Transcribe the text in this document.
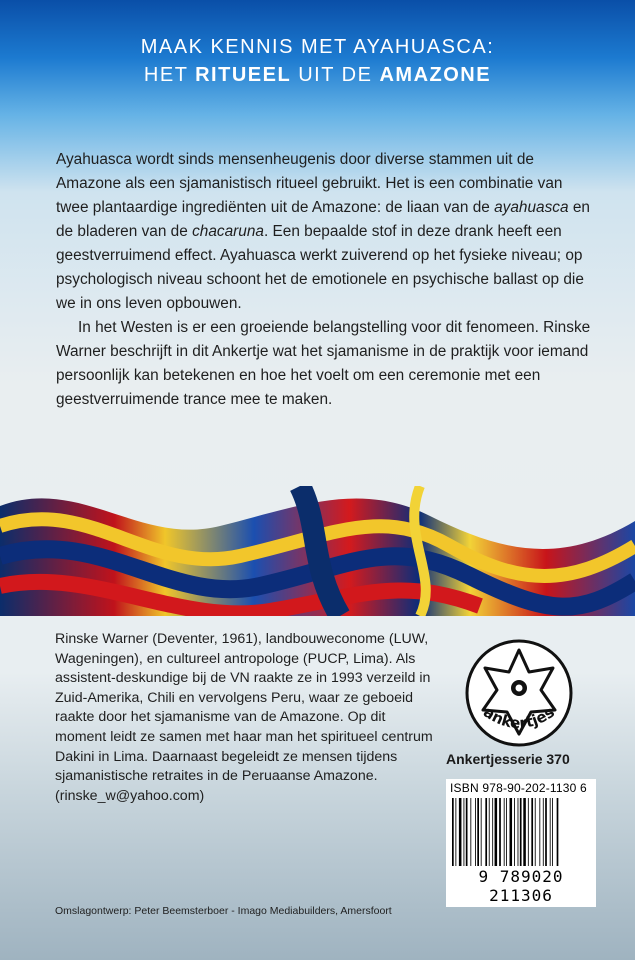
MAAK KENNIS MET AYAHUASCA:
HET RITUEEL UIT DE AMAZONE

Ayahuasca wordt sinds mensenheugenis door diverse stammen uit de Amazone als een sjamanistisch ritueel gebruikt. Het is een combinatie van twee plantaardige ingrediënten uit de Amazone: de liaan van de ayahuasca en de bladeren van de chacaruna. Een bepaalde stof in deze drank heeft een geestverruimend effect. Ayahuasca werkt zuiverend op het fysieke niveau; op psychologisch niveau schoont het de emotionele en psychische ballast op die we in ons leven opbouwen.

In het Westen is er een groeiende belangstelling voor dit fenomeen. Rinske Warner beschrijft in dit Ankertje wat het sjamanisme in de praktijk voor iemand persoonlijk kan betekenen en hoe het voelt om een ceremonie met een geestverruimende trance mee te maken.

Rinske Warner (Deventer, 1961), landbouweconome (LUW, Wageningen), en cultureel antropologe (PUCP, Lima). Als assistent-deskundige bij de VN raakte ze in 1993 verzeild in Zuid-Amerika, Chili en vervolgens Peru, waar ze geboeid raakte door het sjamanisme van de Amazone. Op dit moment leidt ze samen met haar man het spiritueel centrum Dakini in Lima. Daarnaast begeleidt ze mensen tijdens sjamanistische retraites in de Peruaanse Amazone.

(rinske_w@yahoo.com)

ankertjes
Ankertjesserie 370
ISBN 978-90-202-1130 6
9 789020 211306
Omslagontwerp: Peter Beemsterboer - Imago Mediabuilders, Amersfoort
